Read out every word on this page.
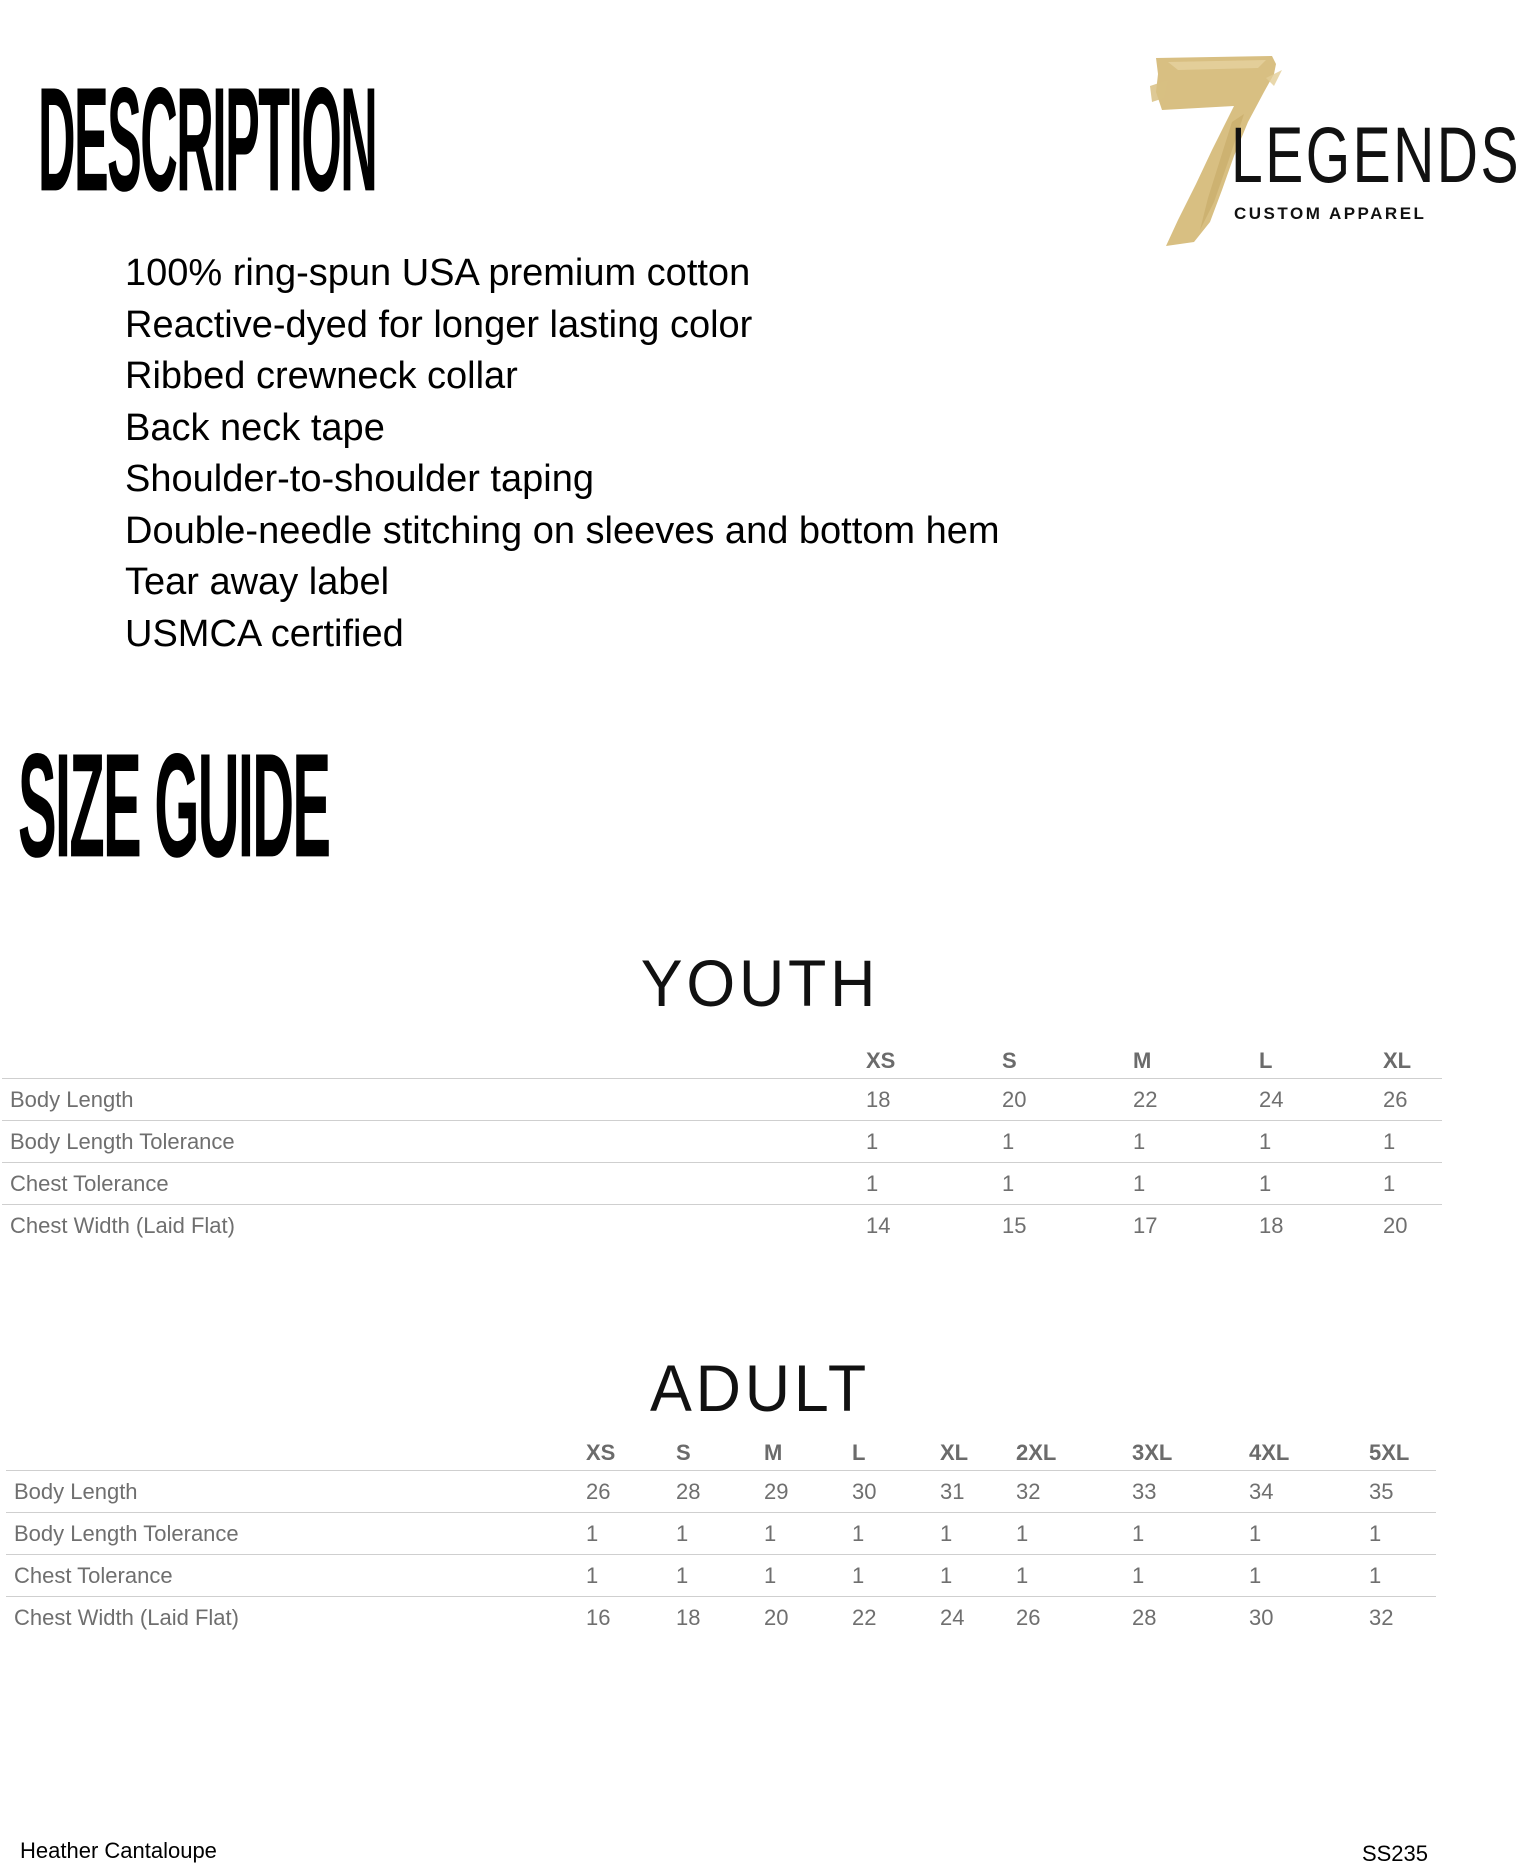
DESCRIPTION	LEGENDS
CUSTOM APPAREL
100% ring-spun USA premium cotton
Reactive-dyed for longer lasting color
Ribbed crewneck collar
Back neck tape
Shoulder-to-shoulder taping
Double-needle stitching on sleeves and bottom hem
Tear away label
USMCA certified
SIZE GUIDE
YOUTH
	XS	S	M	L	XL
Body Length	18	20	22	24	26
Body Length Tolerance	1	1	1	1	1
Chest Tolerance	1	1	1	1	1
Chest Width (Laid Flat)	14	15	17	18	20
ADULT
	XS	S	M	L	XL	2XL	3XL	4XL	5XL
Body Length	26	28	29	30	31	32	33	34	35
Body Length Tolerance	1	1	1	1	1	1	1	1	1
Chest Tolerance	1	1	1	1	1	1	1	1	1
Chest Width (Laid Flat)	16	18	20	22	24	26	28	30	32
Heather Cantaloupe	SS235
